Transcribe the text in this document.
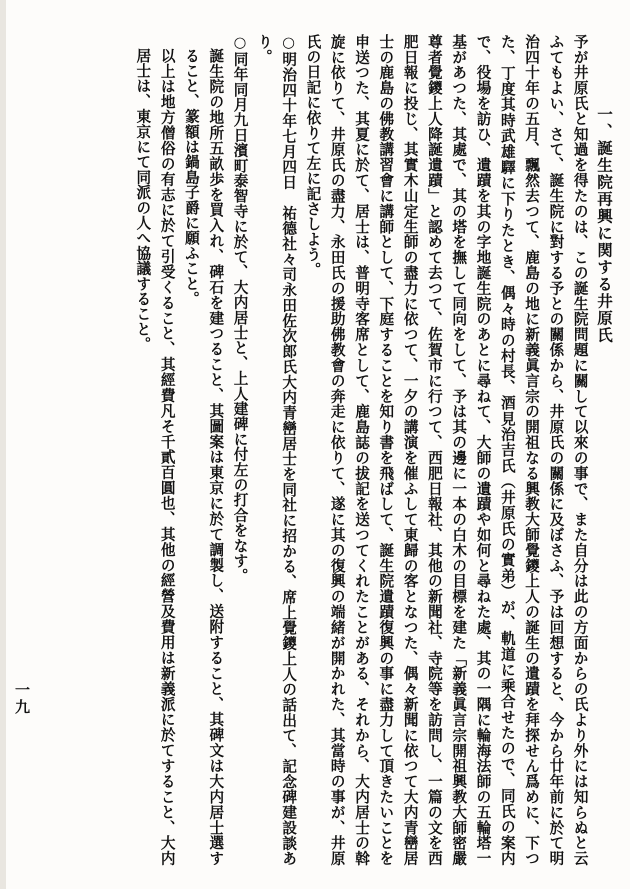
一、誕生院再興に関する井原氏
予が井原氏と知過を得たのは、この誕生院問題に關して以來の事で、また自分は此の方面からの氏より外には知らぬと云ふてもよい、さて、誕生院に對する予との關係から、井原氏の關係に及ぼさふ、予は回想すると、今から廿年前に於て明治四十年の五月、飄然去つて、鹿島の地に新義眞言宗の開祖なる興教大師覺鑁上人の誕生の遺蹟を拜探せん爲めに、下つた、丁度其時武雄驛に下りたとき、偶々時の村長、酒見治吉氏（井原氏の實弟）が、軌道に乘合せたので、同氏の案内で、役場を訪ひ、遺蹟を其の字地誕生院のあとに尋ねて、大師の遺蹟や如何と尋ねた處、其の一隅に輪海法師の五輪塔一基があつた、其處で、其の塔を撫して同向をして、予は其の邊に一本の白木の目標を建た「新義眞言宗開祖興教大師密嚴尊者覺鑁上人降誕遺蹟」と認めて去つて、佐賀市に行つて、西肥日報社、其他の新聞社、寺院等を訪問し、一篇の文を西肥日報に投じ、其實木山定生師の盡力に依つて、一夕の講演を催ふして東歸の客となつた、偶々新聞に依つて大内青巒居士の鹿島の佛教講習會に講師として、下庭することを知り書を飛ばして、誕生院遺蹟復興の事に盡力して頂きたいことを申送つた、其夏に於て、居士は、普明寺客席として、鹿島誌の拔記を送つてくれたことがある、それから、大内居士の斡旋に依りて、井原氏の盡力、永田氏の援助佛教會の奔走に依りて、遂に其の復興の端緒が開かれた、其當時の事が、井原氏の日記に依りて左に記さしよう。
○明治四十年七月四日　祐德社々司永田佐次郎氏大内青巒居士を同社に招かる、席上覺鑁上人の話出て、記念碑建設談あり。
○同年同月九日濱町泰智寺に於て、大内居士と、上人建碑に付左の打合をなす。
誕生院の地所五畝歩を買入れ、碑石を建つること、其圖案は東京に於て調製し、送附すること、其碑文は大内居士選すること、篆額は鍋島子爵に願ふこと。
以上は地方僧俗の有志に於て引受くること、其經費凡そ千貳百圓也、其他の經營及費用は新義派に於てすること、大内居士は、東京にて同派の人へ協議すること。
一九
